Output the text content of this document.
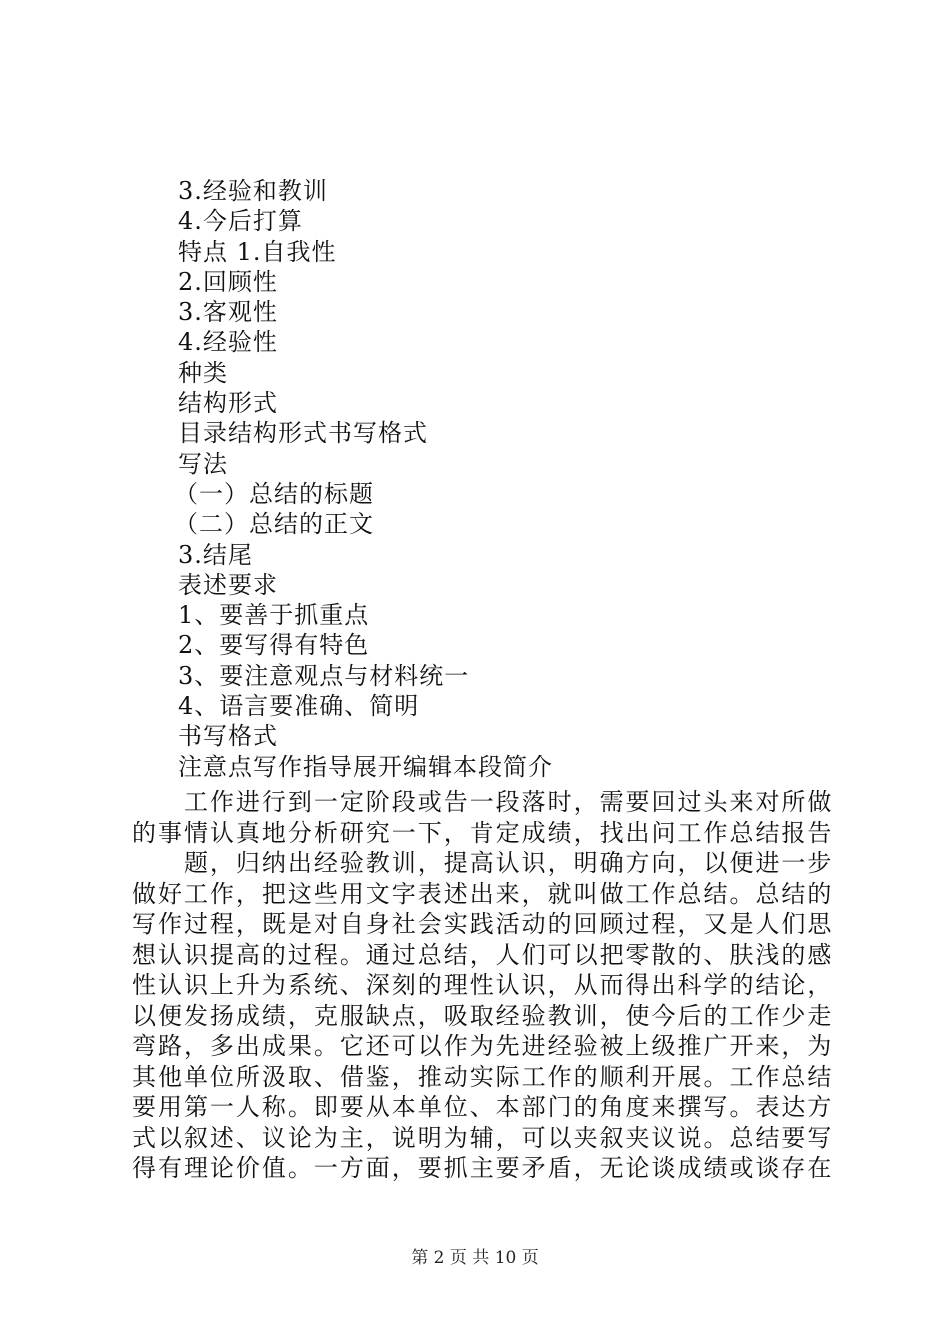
3.经验和教训
4.今后打算
特点 1.自我性
2.回顾性
3.客观性
4.经验性
种类
结构形式
目录结构形式书写格式
写法
（一）总结的标题
（二）总结的正文
3.结尾
表述要求
1、要善于抓重点
2、要写得有特色
3、要注意观点与材料统一
4、语言要准确、简明
书写格式
注意点写作指导展开编辑本段简介

　　工作进行到一定阶段或告一段落时，需要回过头来对所做

的事情认真地分析研究一下，肯定成绩，找出问工作总结报告

　　题，归纳出经验教训，提高认识，明确方向，以便进一步

做好工作，把这些用文字表述出来，就叫做工作总结。总结的

写作过程，既是对自身社会实践活动的回顾过程，又是人们思

想认识提高的过程。通过总结，人们可以把零散的、肤浅的感

性认识上升为系统、深刻的理性认识，从而得出科学的结论，

以便发扬成绩，克服缺点，吸取经验教训，使今后的工作少走

弯路，多出成果。它还可以作为先进经验被上级推广开来，为

其他单位所汲取、借鉴，推动实际工作的顺利开展。工作总结

要用第一人称。即要从本单位、本部门的角度来撰写。表达方

式以叙述、议论为主，说明为辅，可以夹叙夹议说。总结要写

得有理论价值。一方面，要抓主要矛盾，无论谈成绩或谈存在

第 2 页 共 10 页
